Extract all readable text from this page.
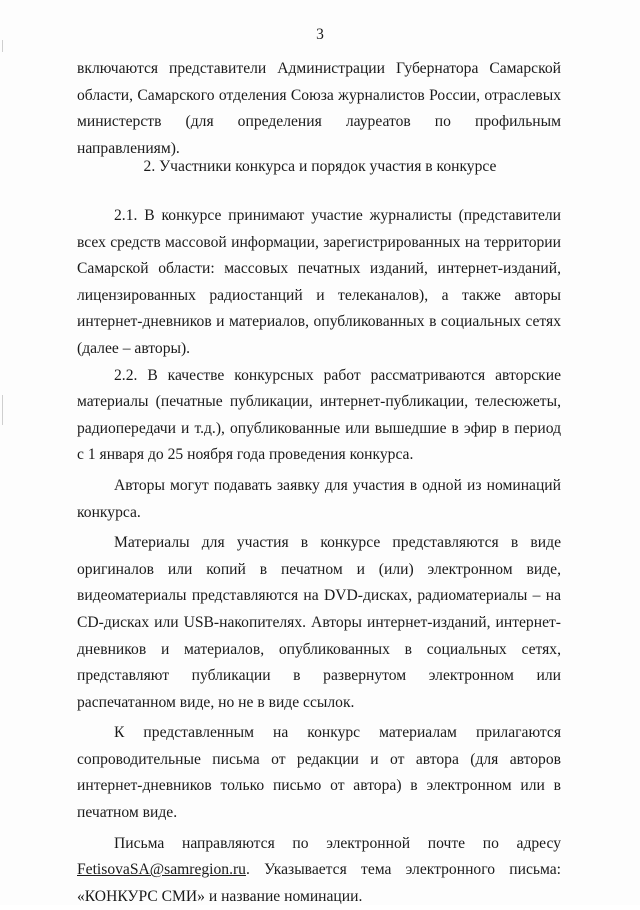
3

включаются представители Администрации Губернатора Самарской области, Самарского отделения Союза журналистов России, отраслевых министерств (для определения лауреатов по профильным направлениям).

2. Участники конкурса и порядок участия в конкурсе

2.1. В конкурсе принимают участие журналисты (представители всех средств массовой информации, зарегистрированных на территории Самарской области: массовых печатных изданий, интернет-изданий, лицензированных радиостанций и телеканалов), а также авторы интернет-дневников и материалов, опубликованных в социальных сетях (далее – авторы).

2.2. В качестве конкурсных работ рассматриваются авторские материалы (печатные публикации, интернет-публикации, телесюжеты, радиопередачи и т.д.), опубликованные или вышедшие в эфир в период с 1 января до 25 ноября года проведения конкурса.

Авторы могут подавать заявку для участия в одной из номинаций конкурса.

Материалы для участия в конкурсе представляются в виде оригиналов или копий в печатном и (или) электронном виде, видеоматериалы представляются на DVD-дисках, радиоматериалы – на CD-дисках или USB-накопителях. Авторы интернет-изданий, интернет-дневников и материалов, опубликованных в социальных сетях, представляют публикации в развернутом электронном или распечатанном виде, но не в виде ссылок.

К представленным на конкурс материалам прилагаются сопроводительные письма от редакции и от автора (для авторов интернет-дневников только письмо от автора) в электронном или в печатном виде.

Письма направляются по электронной почте по адресу FetisovaSA@samregion.ru. Указывается тема электронного письма: «КОНКУРС СМИ» и название номинации.
